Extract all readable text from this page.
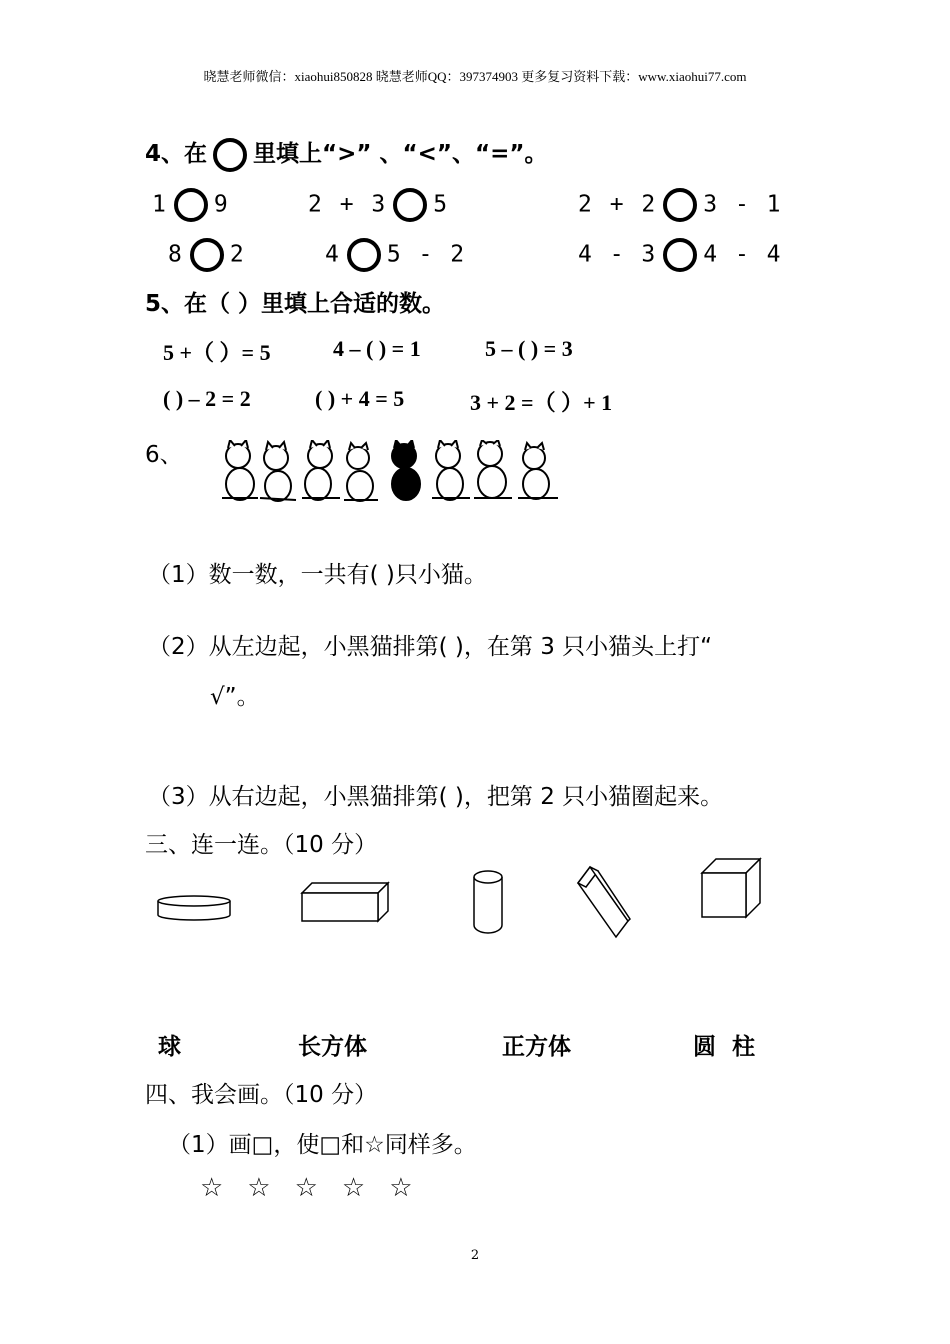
晓慧老师微信：xiaohui850828 晓慧老师QQ：397374903 更多复习资料下载：www.xiaohui77.com
4、在 里填上“>” 、“<”、“=”。
1 9	2 + 3 5	2 + 2 3 - 1
8 2	4 5 - 2	4 - 3 4 - 4
5、在（ ）里填上合适的数。
5 +（ ）= 5	4 – ( ) = 1	5 – ( ) = 3
( ) – 2 = 2	( ) + 4 = 5	3 + 2 =（ ）+ 1
6、
（1）数一数，一共有( )只小猫。
（2）从左边起，小黑猫排第( )，在第 3 只小猫头上打“
√”。
（3）从右边起，小黑猫排第( )，把第 2 只小猫圈起来。
三、连一连。（10 分）
球	长方体	正方体	圆  柱
四、我会画。（10 分）
（1）画□，使□和☆同样多。
☆☆☆☆☆
2
